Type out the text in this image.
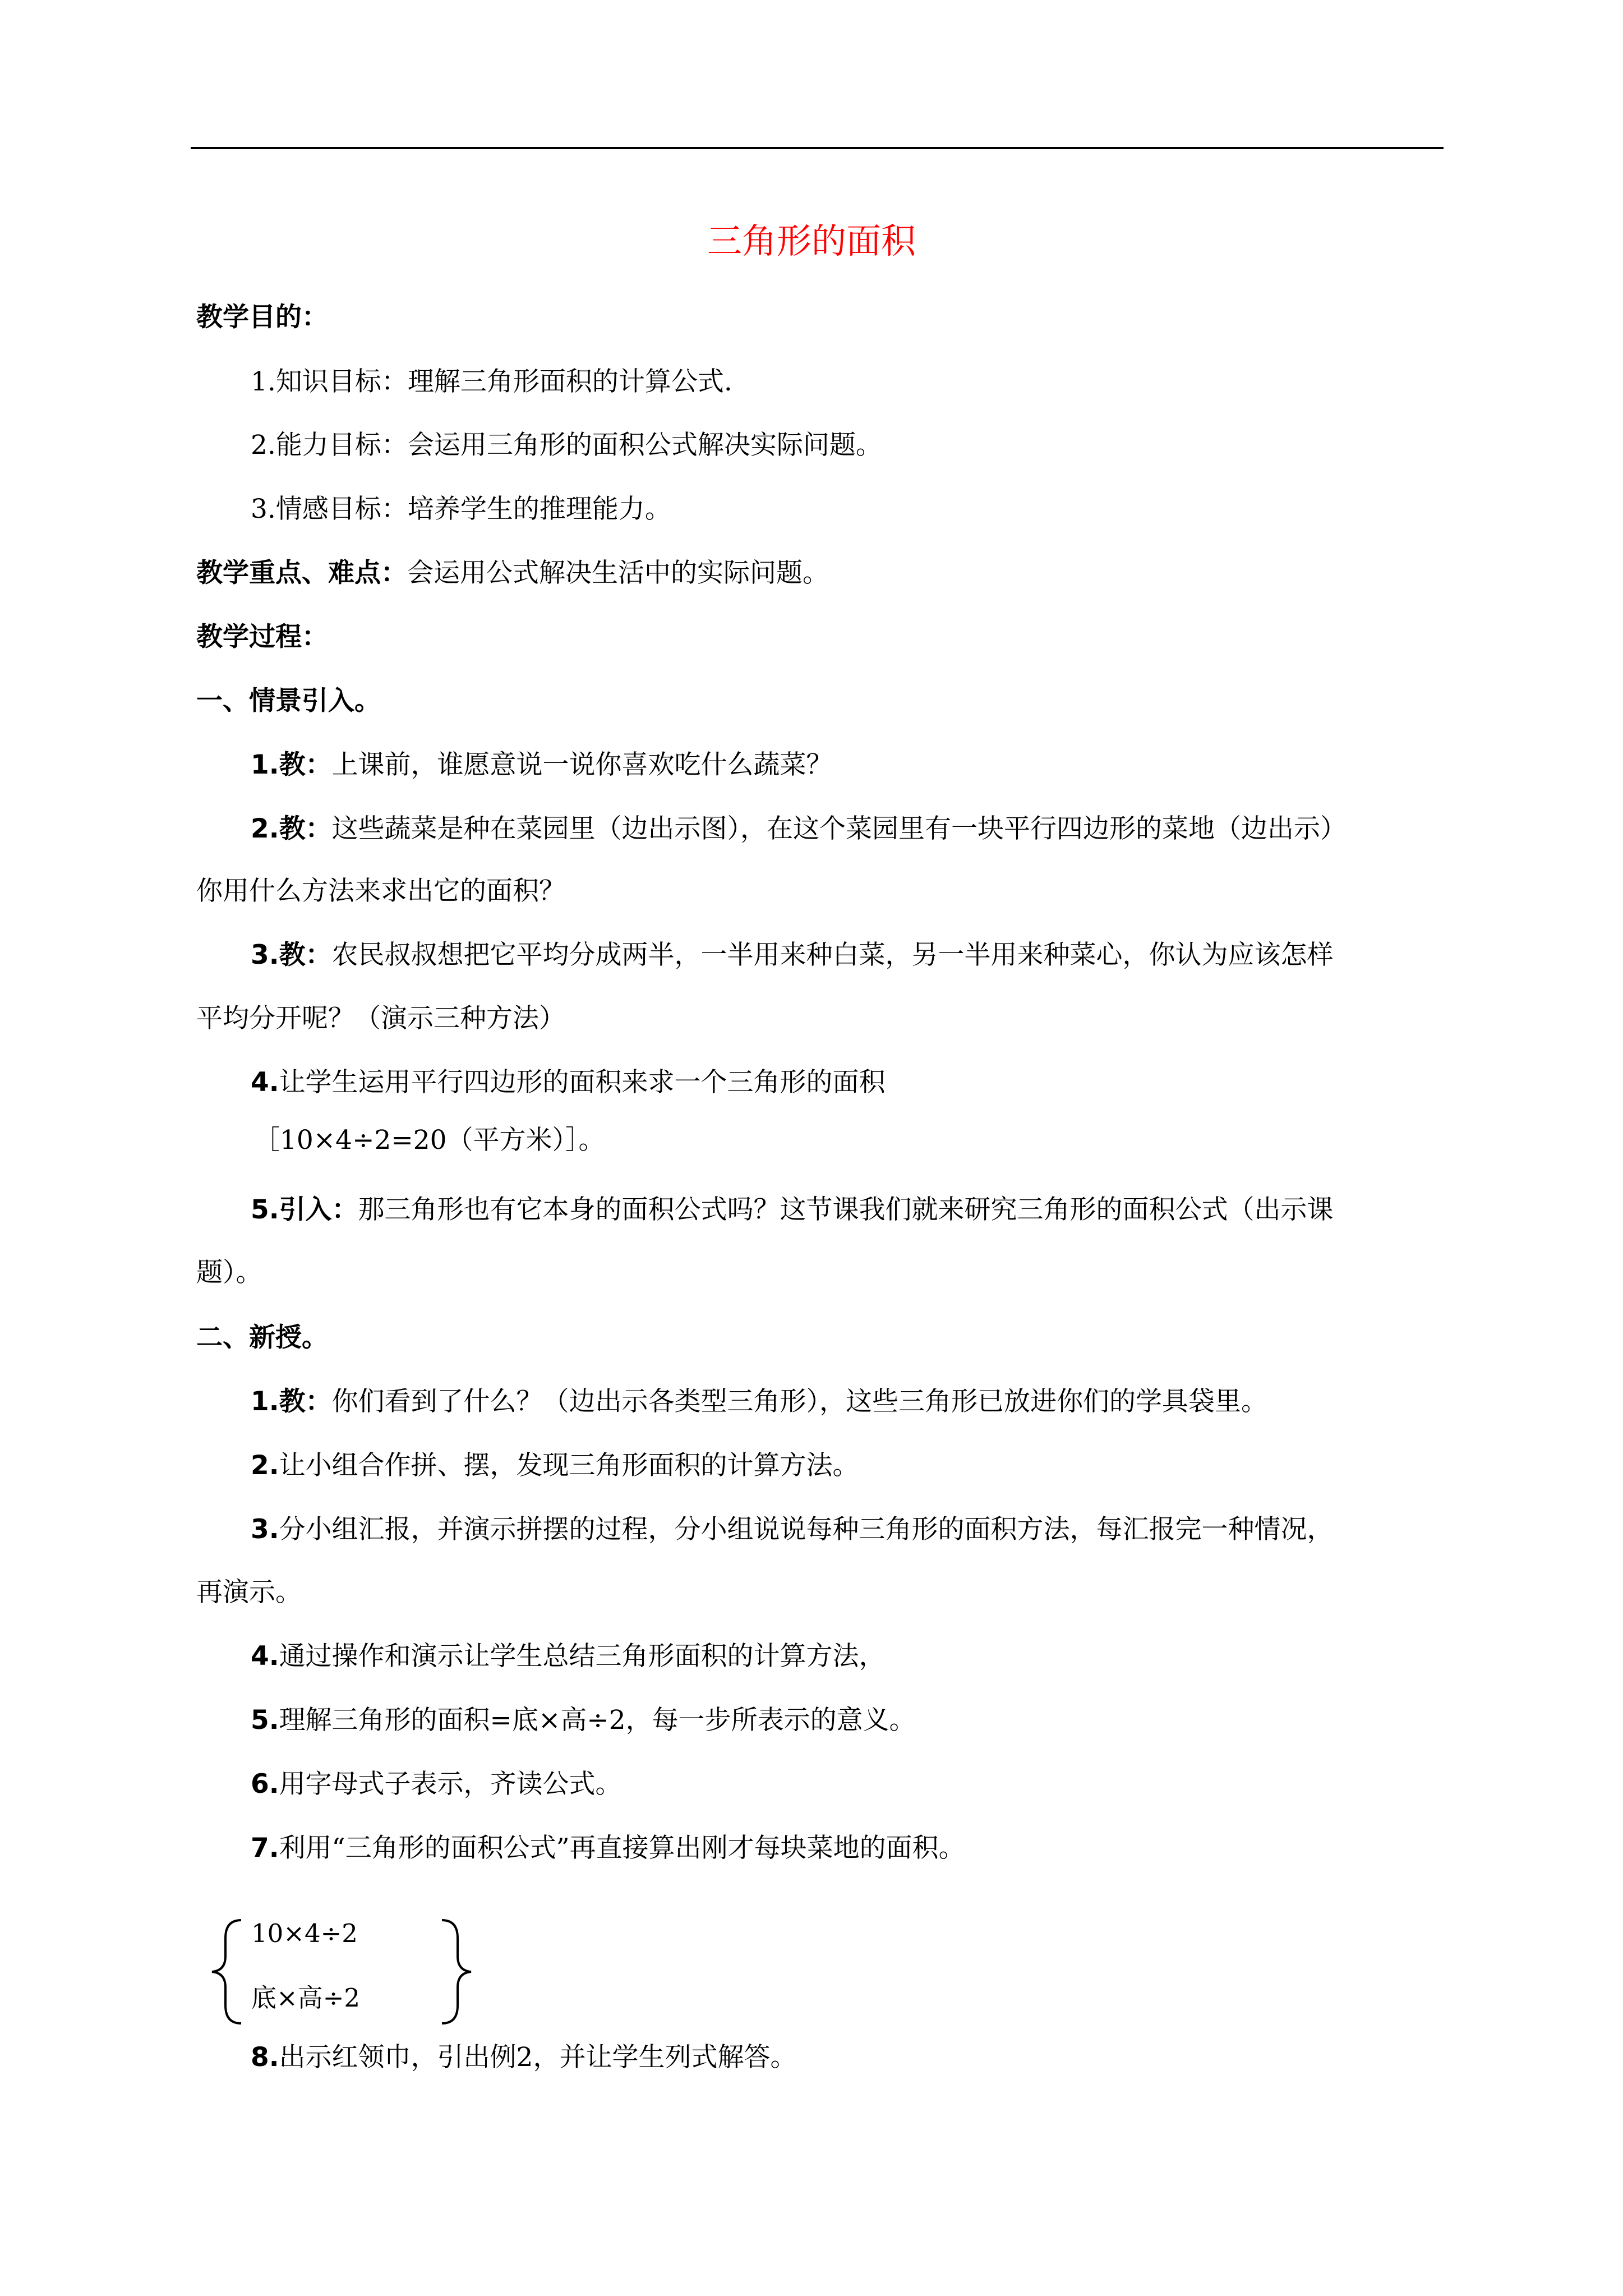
三角形的面积
教学目的：
1.知识目标：理解三角形面积的计算公式.
2.能力目标：会运用三角形的面积公式解决实际问题。
3.情感目标：培养学生的推理能力。
教学重点、难点：会运用公式解决生活中的实际问题。
教学过程：
一、情景引入。
1.教：上课前，谁愿意说一说你喜欢吃什么蔬菜？
2.教：这些蔬菜是种在菜园里（边出示图），在这个菜园里有一块平行四边形的菜地（边出示）
你用什么方法来求出它的面积？
3.教：农民叔叔想把它平均分成两半，一半用来种白菜，另一半用来种菜心，你认为应该怎样
平均分开呢？（演示三种方法）
4.让学生运用平行四边形的面积来求一个三角形的面积
［10×4÷2=20（平方米）］。
5.引入：那三角形也有它本身的面积公式吗？这节课我们就来研究三角形的面积公式（出示课
题）。
二、新授。
1.教：你们看到了什么？（边出示各类型三角形），这些三角形已放进你们的学具袋里。
2.让小组合作拼、摆，发现三角形面积的计算方法。
3.分小组汇报，并演示拼摆的过程，分小组说说每种三角形的面积方法，每汇报完一种情况，
再演示。
4.通过操作和演示让学生总结三角形面积的计算方法，
5.理解三角形的面积=底×高÷2，每一步所表示的意义。
6.用字母式子表示，齐读公式。
7.利用“三角形的面积公式”再直接算出刚才每块菜地的面积。
10×4÷2
底×高÷2
8.出示红领巾，引出例2，并让学生列式解答。
